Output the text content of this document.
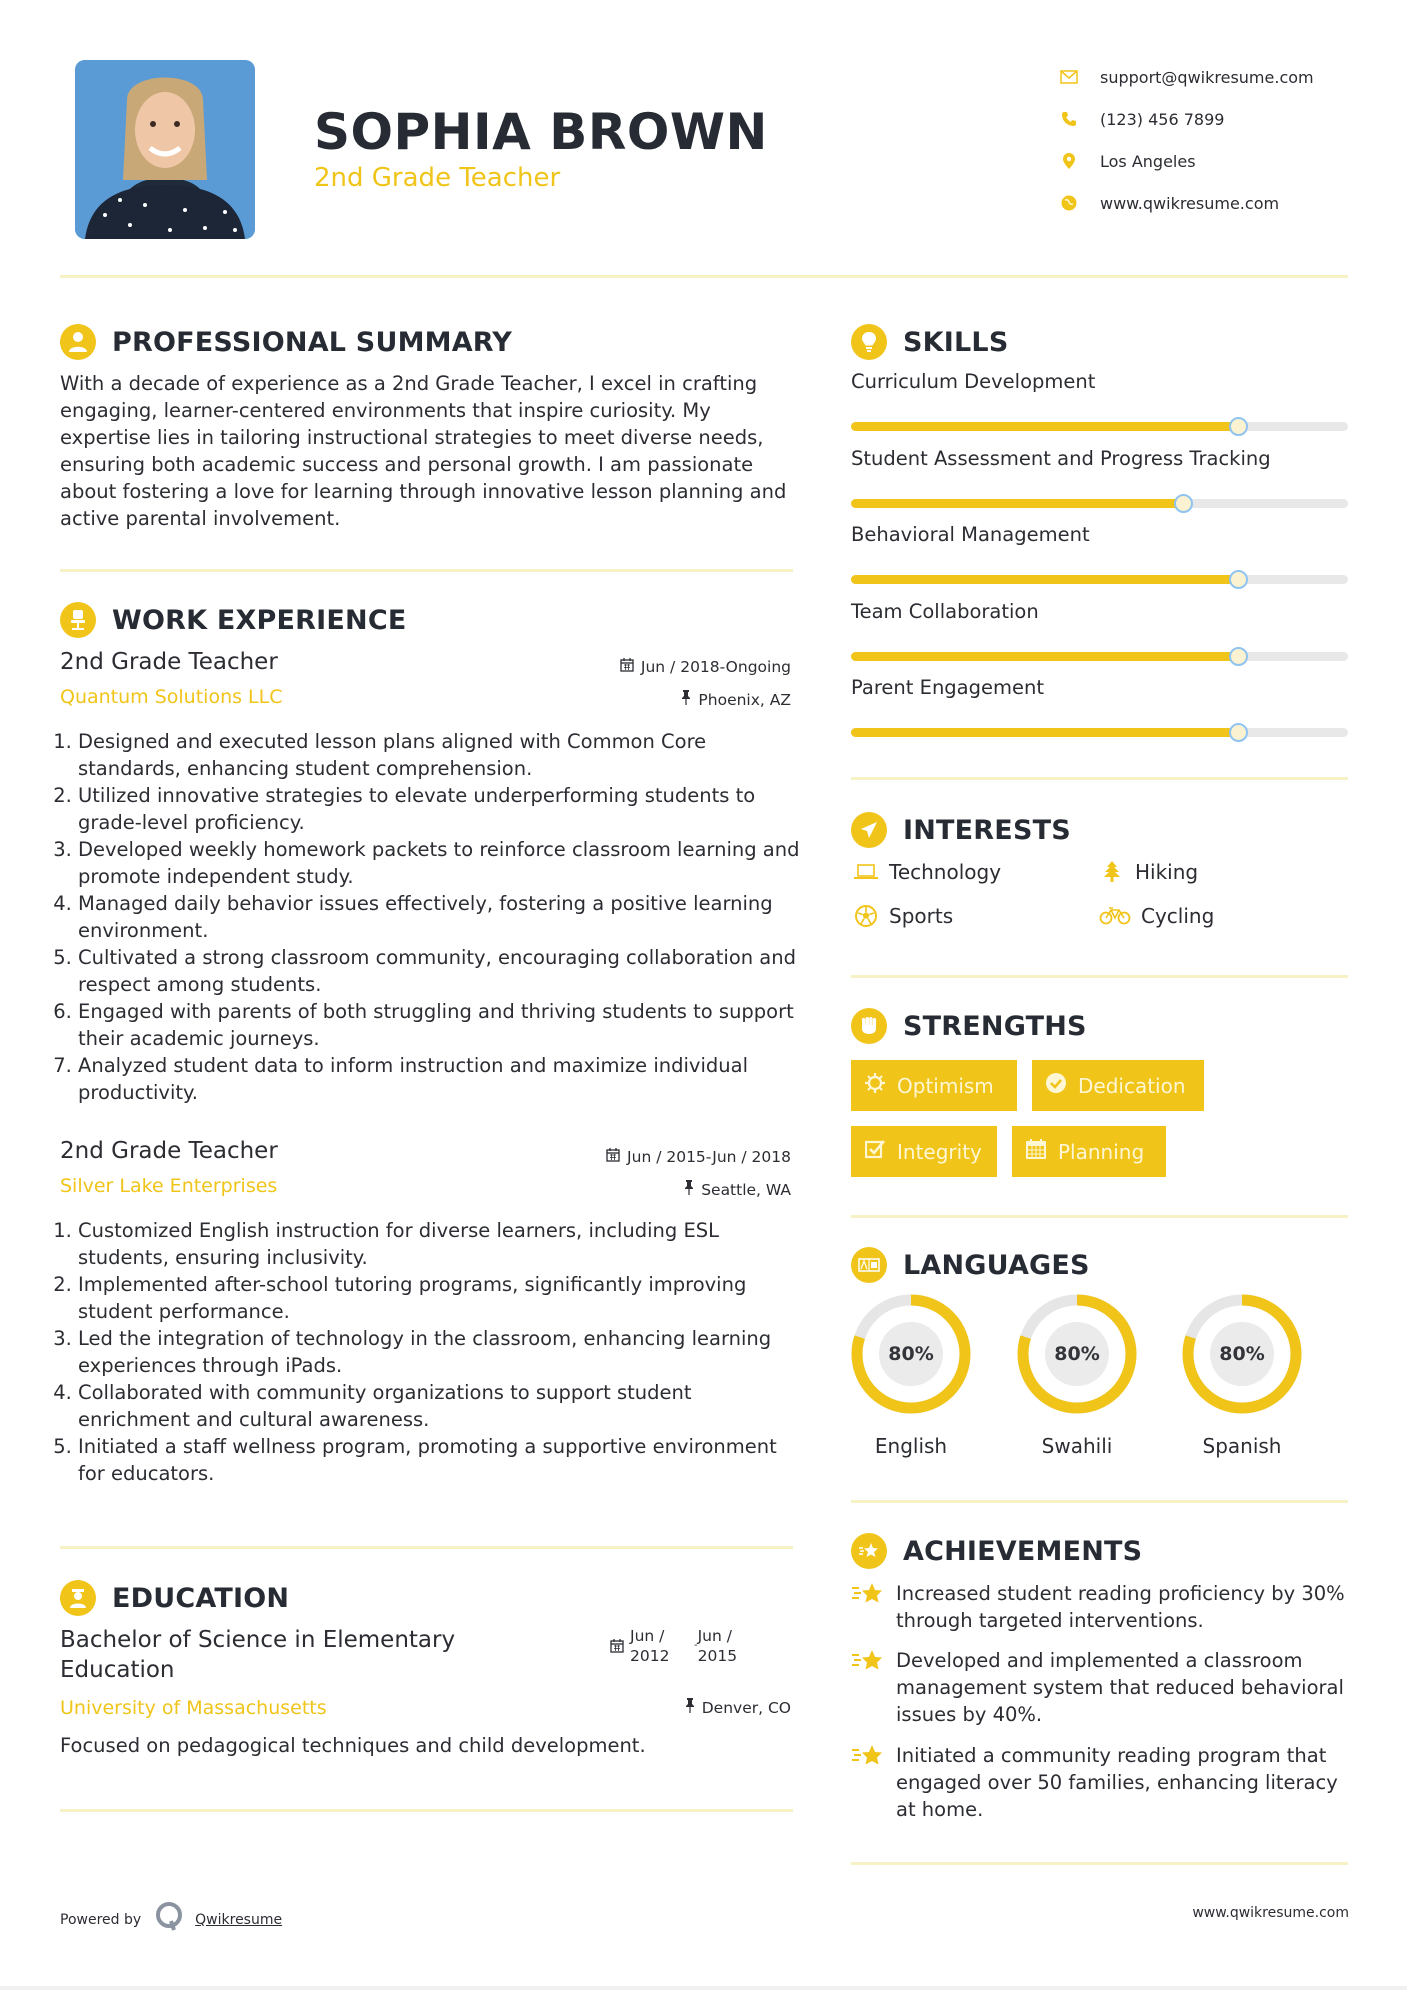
SOPHIA BROWN
2nd Grade Teacher
support@qwikresume.com
(123) 456 7899
Los Angeles
www.qwikresume.com
PROFESSIONAL SUMMARY
With a decade of experience as a 2nd Grade Teacher, I excel in crafting engaging, learner-centered environments that inspire curiosity. My expertise lies in tailoring instructional strategies to meet diverse needs, ensuring both academic success and personal growth. I am passionate about fostering a love for learning through innovative lesson planning and active parental involvement.
WORK EXPERIENCE
2nd Grade Teacher	Jun / 2018-Ongoing
Quantum Solutions LLC	Phoenix, AZ
1. Designed and executed lesson plans aligned with Common Core standards, enhancing student comprehension.
2. Utilized innovative strategies to elevate underperforming students to grade-level proficiency.
3. Developed weekly homework packets to reinforce classroom learning and promote independent study.
4. Managed daily behavior issues effectively, fostering a positive learning environment.
5. Cultivated a strong classroom community, encouraging collaboration and respect among students.
6. Engaged with parents of both struggling and thriving students to support their academic journeys.
7. Analyzed student data to inform instruction and maximize individual productivity.
2nd Grade Teacher	Jun / 2015-Jun / 2018
Silver Lake Enterprises	Seattle, WA
1. Customized English instruction for diverse learners, including ESL students, ensuring inclusivity.
2. Implemented after-school tutoring programs, significantly improving student performance.
3. Led the integration of technology in the classroom, enhancing learning experiences through iPads.
4. Collaborated with community organizations to support student enrichment and cultural awareness.
5. Initiated a staff wellness program, promoting a supportive environment for educators.
EDUCATION
Bachelor of Science in Elementary Education
Jun / 2012
-
Jun / 2015
University of Massachusetts	Denver, CO
Focused on pedagogical techniques and child development.
SKILLS
Curriculum Development
Student Assessment and Progress Tracking
Behavioral Management
Team Collaboration
Parent Engagement
INTERESTS
Technology	Hiking
Sports	Cycling
STRENGTHS
Optimism	Dedication
Integrity	Planning
LANGUAGES
80%
English
80%
Swahili
80%
Spanish
ACHIEVEMENTS
Increased student reading proficiency by 30% through targeted interventions.
Developed and implemented a classroom management system that reduced behavioral issues by 40%.
Initiated a community reading program that engaged over 50 families, enhancing literacy at home.
Powered by	Qwikresume	www.qwikresume.com
